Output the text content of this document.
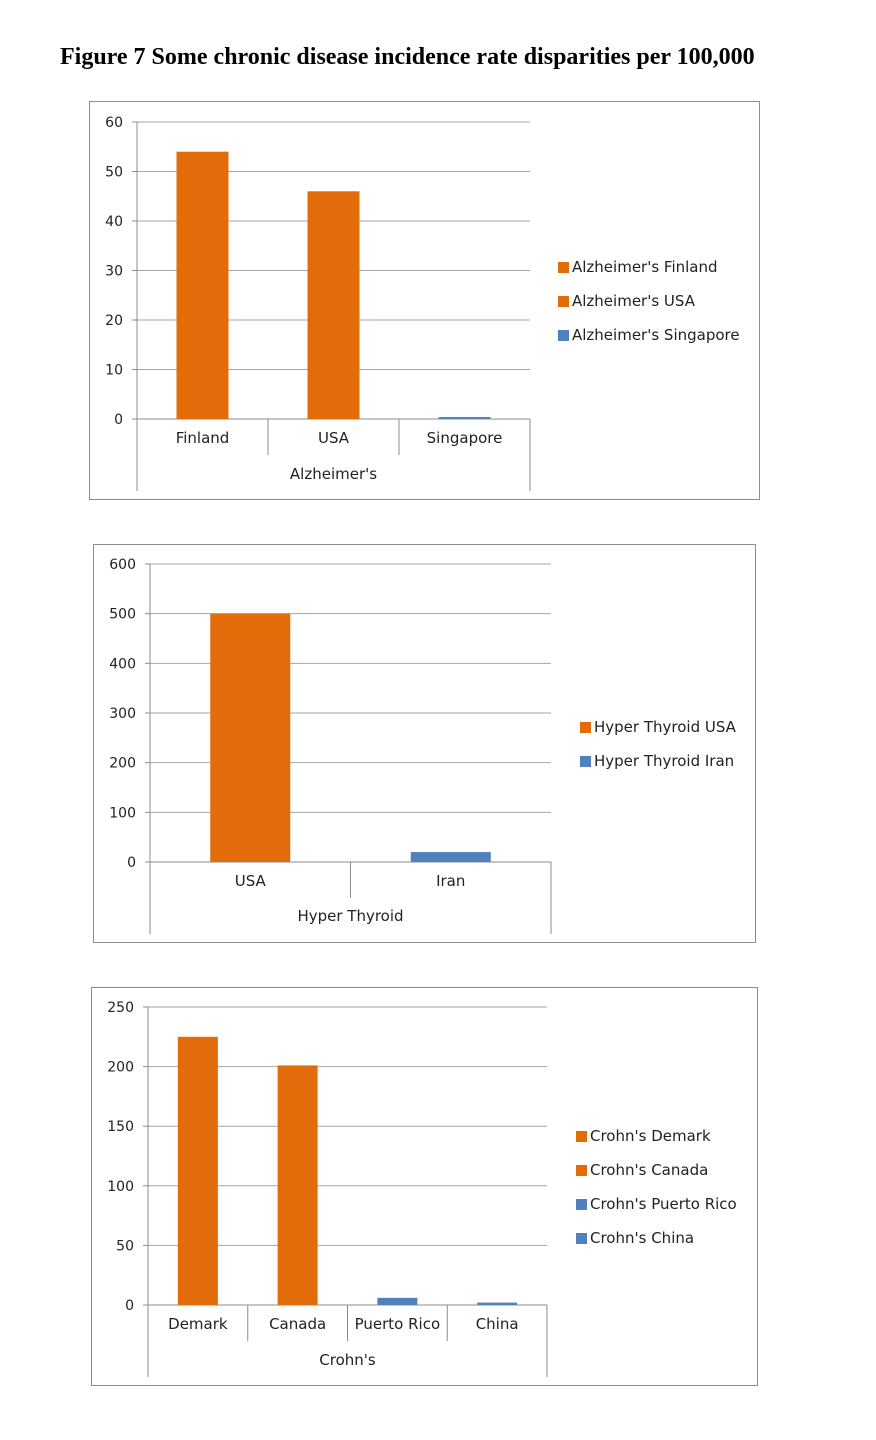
Figure 7 Some chronic disease incidence rate disparities per 100,000
0
10
20
30
40
50
60
Finland	USA	Singapore
Alzheimer's
Alzheimer's Finland
Alzheimer's USA
Alzheimer's Singapore
0
100
200
300
400
500
600
USA	Iran
Hyper Thyroid
Hyper Thyroid USA
Hyper Thyroid Iran
0
50
100
150
200
250
Demark	Canada Puerto Rico China
Crohn's
Crohn's Demark
Crohn's Canada
Crohn's Puerto Rico
Crohn's China
